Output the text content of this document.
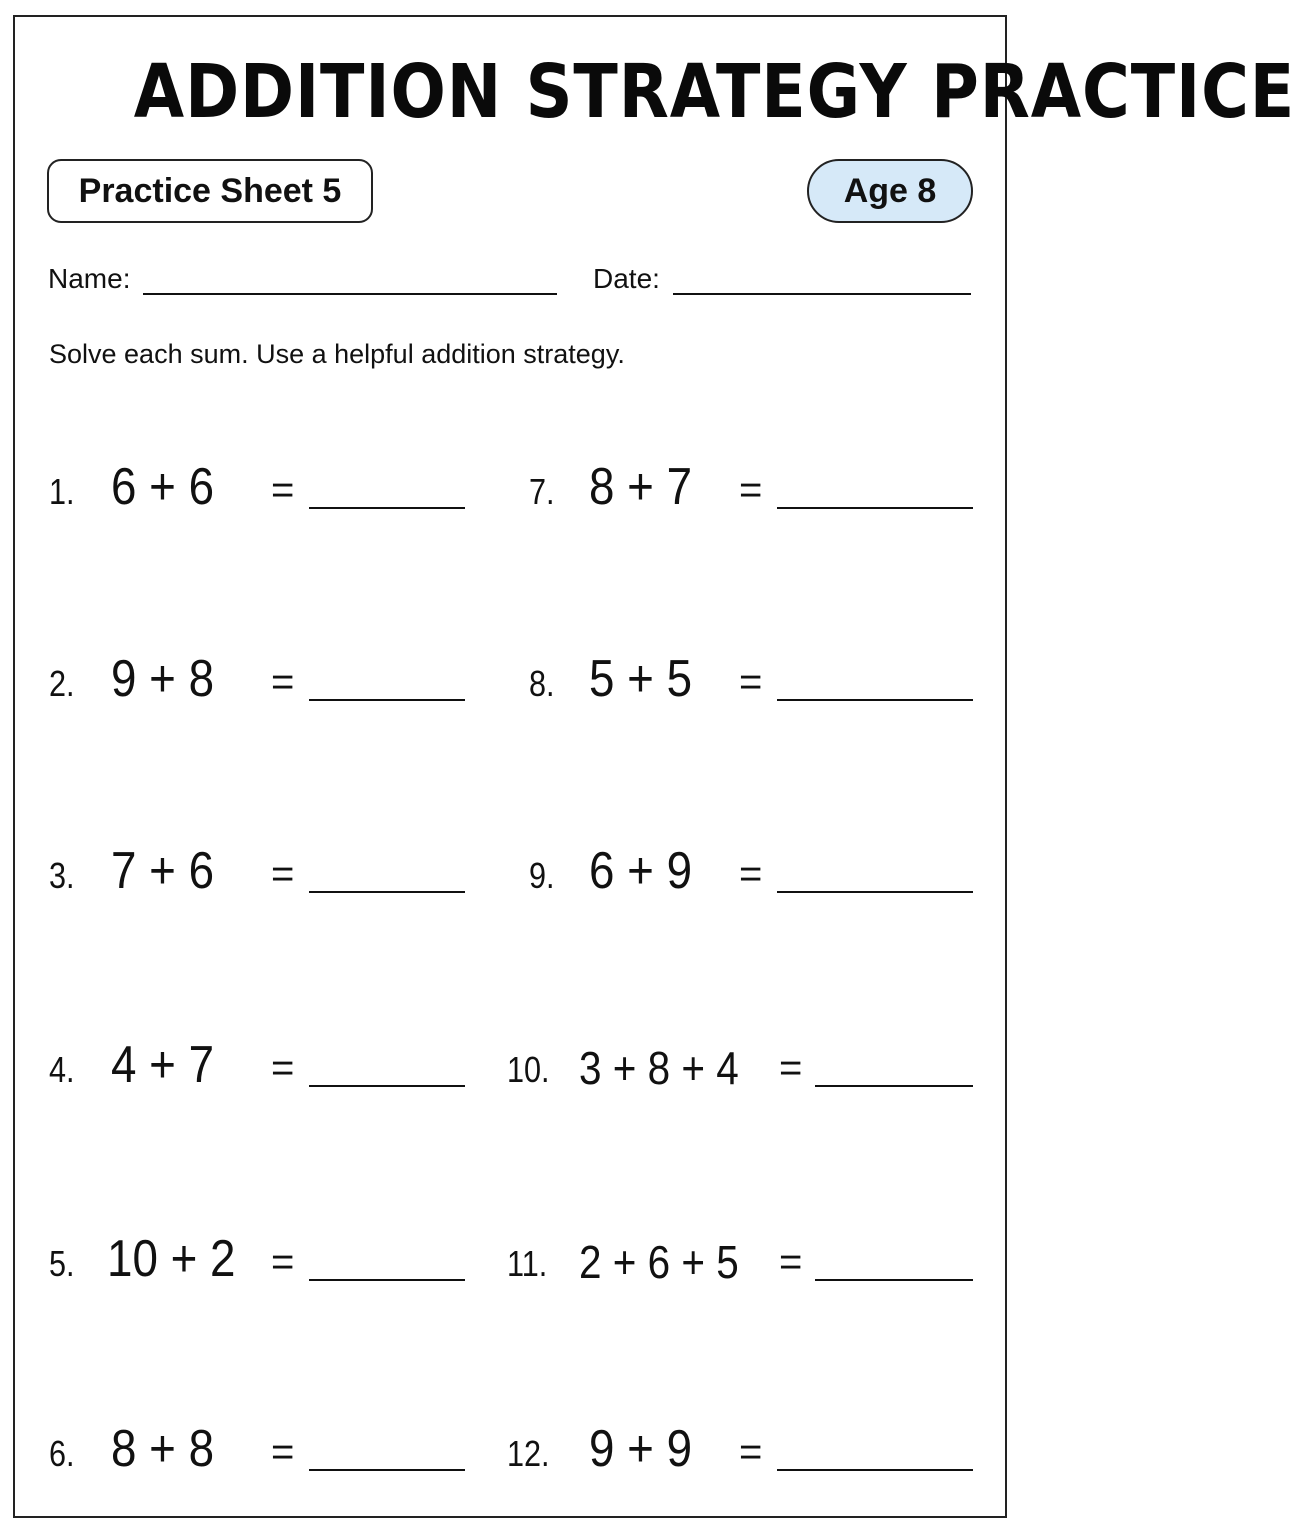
ADDITION STRATEGY PRACTICE
Practice Sheet 5	Age 8
Name:	Date:
Solve each sum. Use a helpful addition strategy.
1. 6 + 6	=
2. 9 + 8	=
3. 7 + 6	=
4. 4 + 7	=
5. 10 + 2 =
6. 8 + 8	=
7. 8 + 7	=
8. 5 + 5	=
9. 6 + 9	=
10. 3 + 8 + 4	=
11. 2 + 6 + 5	=
12. 9 + 9	=
